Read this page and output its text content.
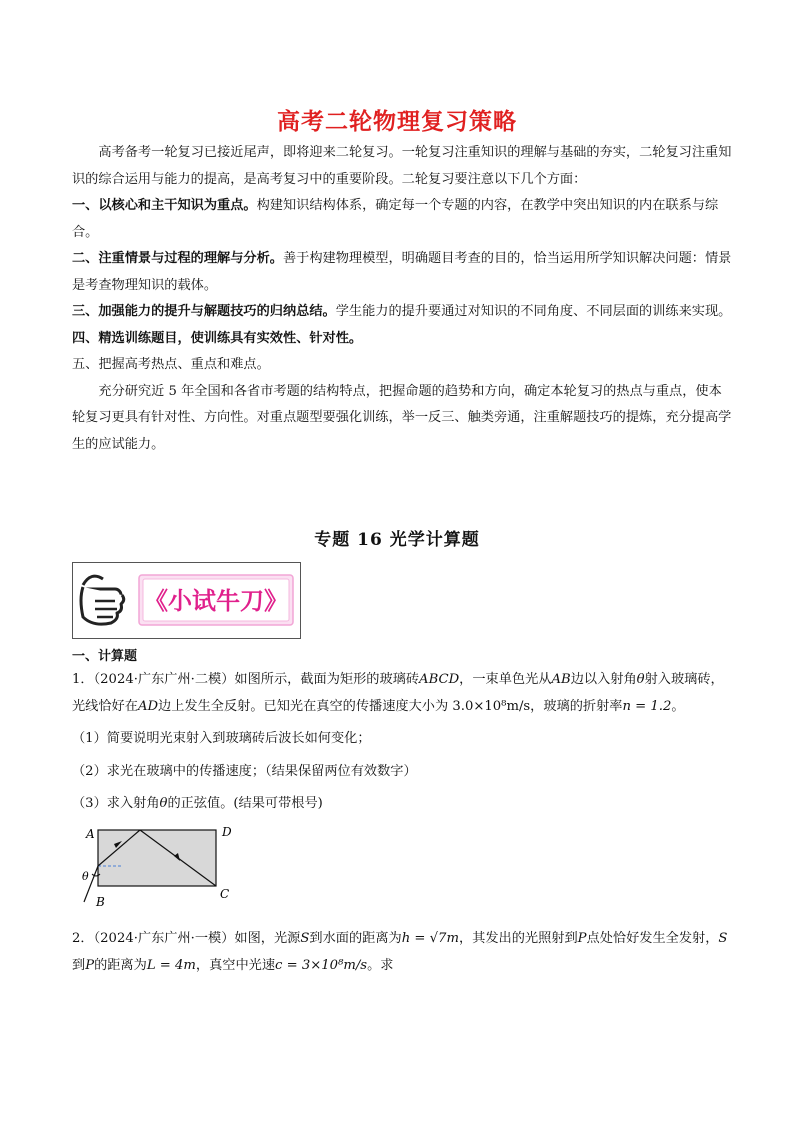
高考二轮物理复习策略

高考备考一轮复习已接近尾声，即将迎来二轮复习。一轮复习注重知识的理解与基础的夯实，二轮复习注重知识的综合运用与能力的提高，是高考复习中的重要阶段。二轮复习要注意以下几个方面：

一、以核心和主干知识为重点。构建知识结构体系，确定每一个专题的内容，在教学中突出知识的内在联系与综合。

二、注重情景与过程的理解与分析。善于构建物理模型，明确题目考查的目的，恰当运用所学知识解决问题：情景是考查物理知识的载体。

三、加强能力的提升与解题技巧的归纳总结。学生能力的提升要通过对知识的不同角度、不同层面的训练来实现。

四、精选训练题目，使训练具有实效性、针对性。

五、把握高考热点、重点和难点。

充分研究近 5 年全国和各省市考题的结构特点，把握命题的趋势和方向，确定本轮复习的热点与重点，使本轮复习更具有针对性、方向性。对重点题型要强化训练，举一反三、触类旁通，注重解题技巧的提炼，充分提高学生的应试能力。

专题 16 光学计算题
《小试牛刀》
一、计算题

1．（2024·广东广州·二模）如图所示，截面为矩形的玻璃砖ABCD，一束单色光从AB边以入射角θ射入玻璃砖，光线恰好在AD边上发生全反射。已知光在真空的传播速度大小为 3.0×10⁸m/s，玻璃的折射率n = 1.2。

（1）简要说明光束射入到玻璃砖后波长如何变化；

（2）求光在玻璃中的传播速度；（结果保留两位有效数字）

（3）求入射角θ的正弦值。(结果可带根号)

A	D
C
B
θ

2．（2024·广东广州·一模）如图，光源S到水面的距离为h = √7m，其发出的光照射到P点处恰好发生全发射，S到P的距离为L = 4m，真空中光速c = 3×10⁸m/s。求
